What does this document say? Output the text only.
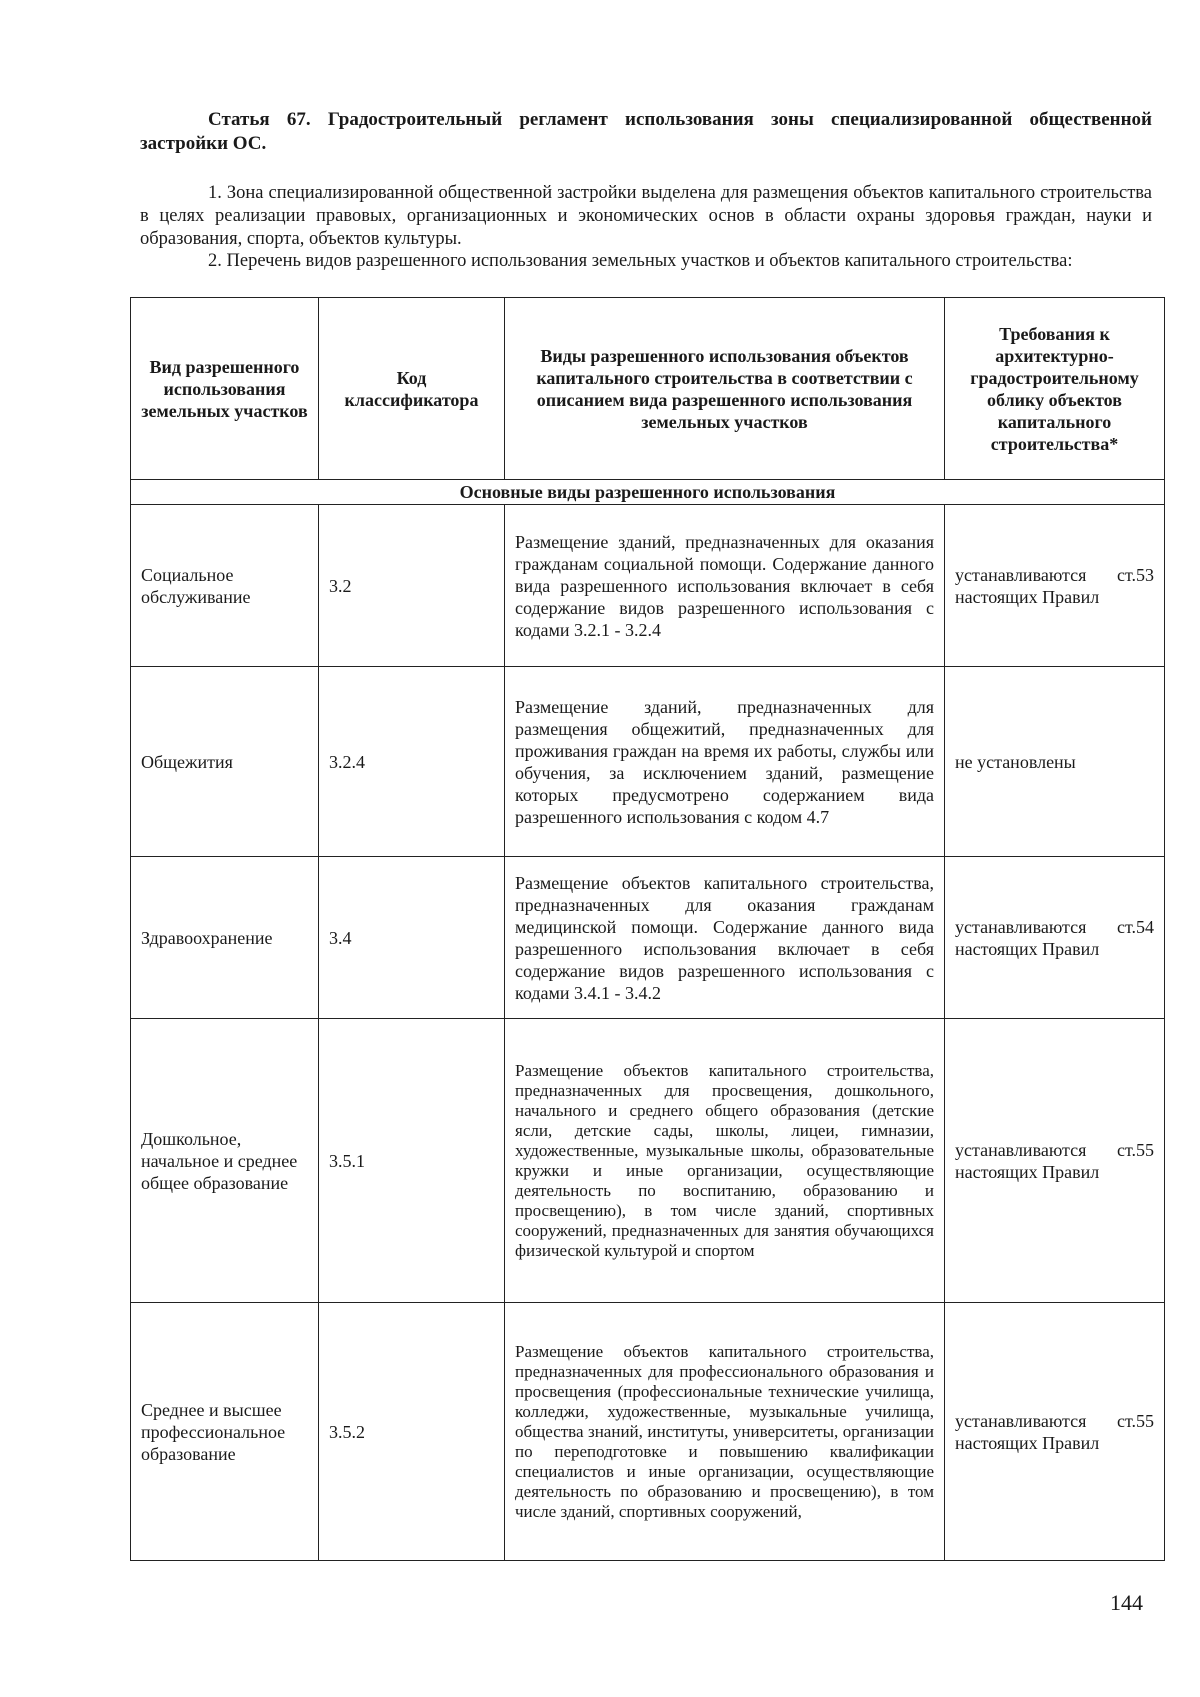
Статья 67. Градостроительный регламент использования зоны специализированной общественной застройки ОС.
1. Зона специализированной общественной застройки выделена для размещения объектов капитального строительства в целях реализации правовых, организационных и экономических основ в области охраны здоровья граждан, науки и образования, спорта, объектов культуры.
2. Перечень видов разрешенного использования земельных участков и объектов капитального строительства:
Вид разрешенного использования земельных участков	Код классификатора	Виды разрешенного использования объектов капитального строительства в соответствии с описанием вида разрешенного использования земельных участков	Требования к архитектурно-градостроительному облику объектов капитального строительства*
Основные виды разрешенного использования			
Социальное обслуживание	3.2	Размещение зданий, предназначенных для оказания гражданам социальной помощи. Содержание данного вида разрешенного использования включает в себя содержание видов разрешенного использования с кодами 3.2.1 - 3.2.4	устанавливаются ст.53 настоящих Правил
Общежития	3.2.4	Размещение зданий, предназначенных для размещения общежитий, предназначенных для проживания граждан на время их работы, службы или обучения, за исключением зданий, размещение которых предусмотрено содержанием вида разрешенного использования с кодом 4.7	не установлены
Здравоохранение	3.4	Размещение объектов капитального строительства, предназначенных для оказания гражданам медицинской помощи. Содержание данного вида разрешенного использования включает в себя содержание видов разрешенного использования с кодами 3.4.1 - 3.4.2	устанавливаются ст.54 настоящих Правил
Дошкольное, начальное и среднее общее образование	3.5.1	Размещение объектов капитального строительства, предназначенных для просвещения, дошкольного, начального и среднего общего образования (детские ясли, детские сады, школы, лицеи, гимназии, художественные, музыкальные школы, образовательные кружки и иные организации, осуществляющие деятельность по воспитанию, образованию и просвещению), в том числе зданий, спортивных сооружений, предназначенных для занятия обучающихся физической культурой и спортом	устанавливаются ст.55 настоящих Правил
Среднее и высшее профессиональное образование	3.5.2	Размещение объектов капитального строительства, предназначенных для профессионального образования и просвещения (профессиональные технические училища, колледжи, художественные, музыкальные училища, общества знаний, институты, университеты, организации по переподготовке и повышению квалификации специалистов и иные организации, осуществляющие деятельность по образованию и просвещению), в том числе зданий, спортивных сооружений,	устанавливаются ст.55 настоящих Правил
144
